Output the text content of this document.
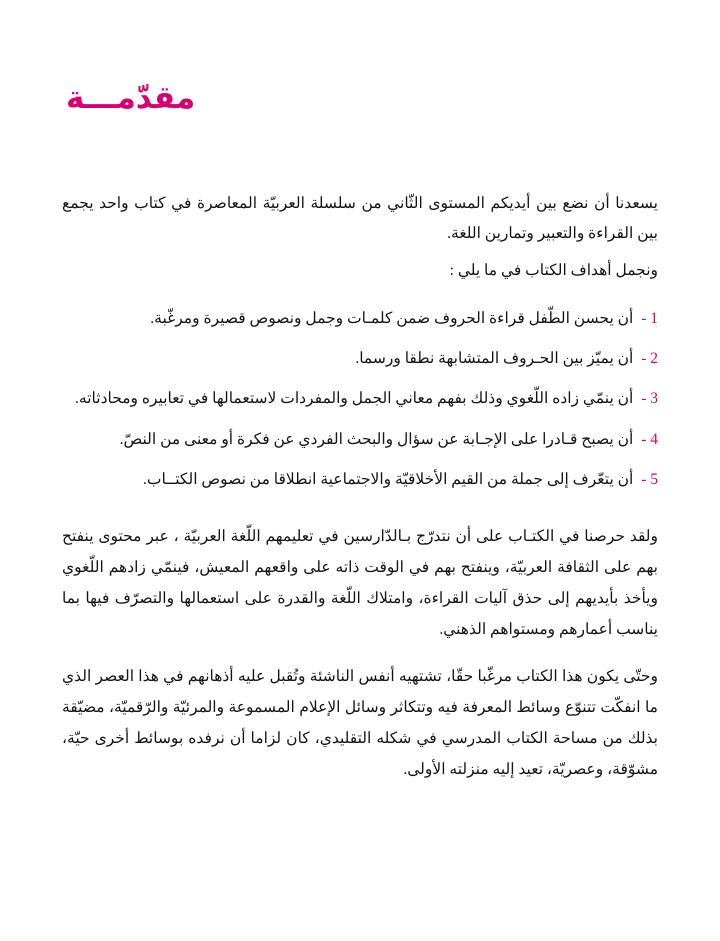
مقدّمـــة

يسعدنا أن نضع بين أيديكم المستوى الثّاني من سلسلة العربيّة المعاصرة في كتاب واحد يجمع بين القراءة والتعبير وتمارين اللغة.

ونجمل أهداف الكتاب في ما يلي :

1 - أن يحسن الطّفل قراءة الحروف ضمن كلمـات وجمل ونصوص قصيرة ومرغّبة.
2 - أن يميّز بين الحـروف المتشابهة نطقا ورسما.
3 - أن ينمّي زاده اللّغوي وذلك بفهم معاني الجمل والمفردات لاستعمالها في تعابيره ومحادثاته.
4 - أن يصبح قـادرا على الإجـابة عن سؤال والبحث الفردي عن فكرة أو معنى من النصّ.
5 - أن يتعّرف إلى جملة من القيم الأخلاقيّة والاجتماعية انطلاقا من نصوص الكتــاب.

ولقد حرصنا في الكتـاب على أن نتدرّج بـالدّارسين في تعليمهم اللّغة العربيّة ، عبر محتوى ينفتح بهم على الثقافة العربيّة، وينفتح بهم في الوقت ذاته على واقعهم المعيش، فينمّي زادهم اللّغوي ويأخذ بأيديهم إلى حذق آليات القراءة، وامتلاك اللّغة والقدرة على استعمالها والتصرّف فيها بما يناسب أعمارهم ومستواهم الذهني.

وحتّى يكون هذا الكتاب مرغّبا حقّا، تشتهيه أنفس الناشئة وتُقبل عليه أذهانهم في هذا العصر الذي ما انفكّت تتنوّع وسائط المعرفة فيه وتتكاثر وسائل الإعلام المسموعة والمرئيّة والرّقميّة، مضيّقة بذلك من مساحة الكتاب المدرسي في شكله التقليدي، كان لزاما أن نرفده بوسائط أخرى حيّة، مشوّقة، وعصريّة، تعيد إليه منزلته الأولى.
